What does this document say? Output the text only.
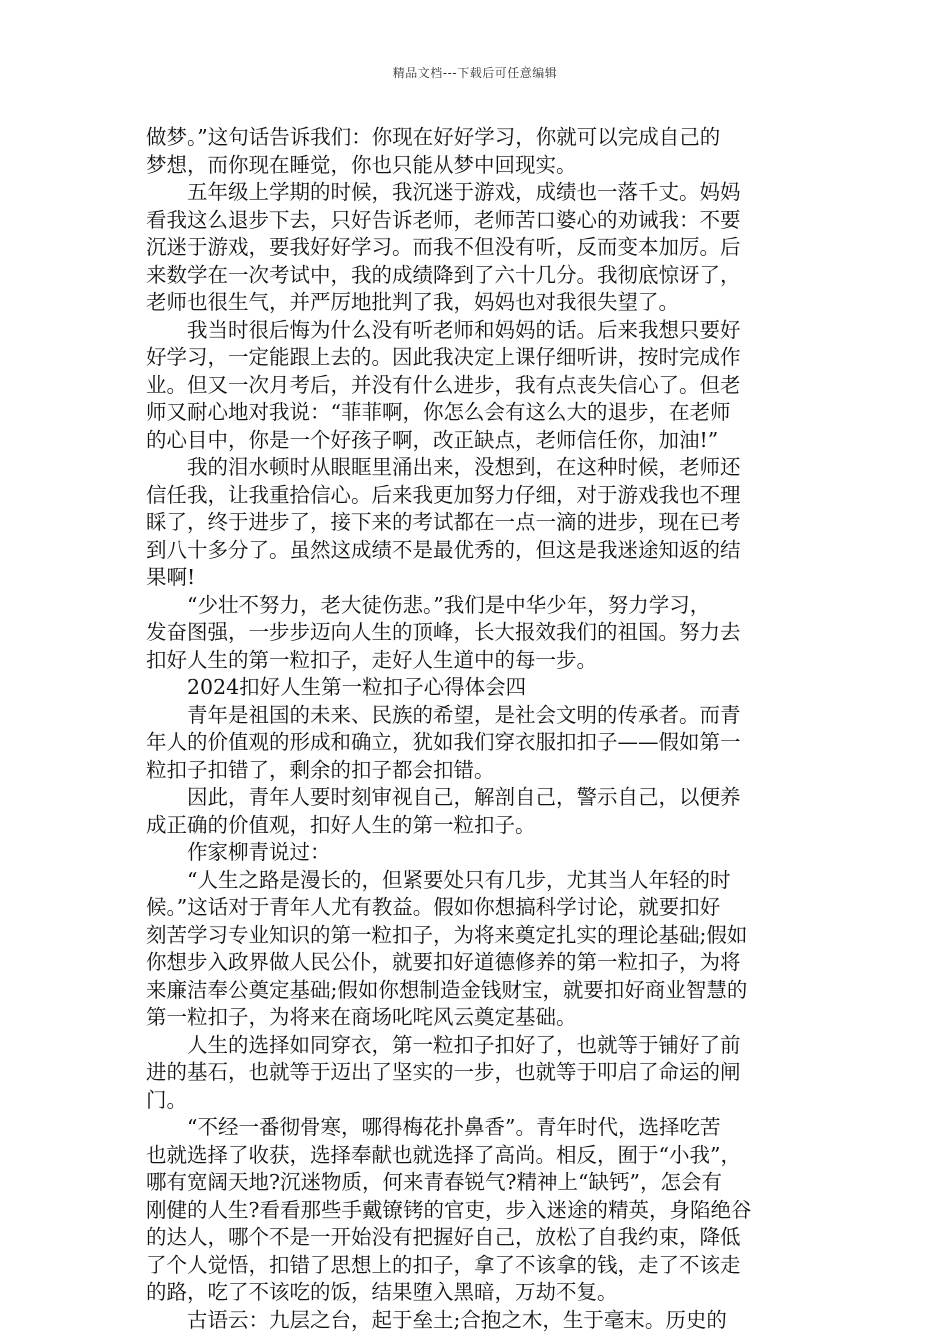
精品文档---下载后可任意编辑
做梦。”这句话告诉我们：你现在好好学习，你就可以完成自己的
梦想，而你现在睡觉，你也只能从梦中回现实。
　　五年级上学期的时候，我沉迷于游戏，成绩也一落千丈。妈妈
看我这么退步下去，只好告诉老师，老师苦口婆心的劝诫我：不要
沉迷于游戏，要我好好学习。而我不但没有听，反而变本加厉。后
来数学在一次考试中，我的成绩降到了六十几分。我彻底惊讶了，
老师也很生气，并严厉地批判了我，妈妈也对我很失望了。
　　我当时很后悔为什么没有听老师和妈妈的话。后来我想只要好
好学习，一定能跟上去的。因此我决定上课仔细听讲，按时完成作
业。但又一次月考后，并没有什么进步，我有点丧失信心了。但老
师又耐心地对我说：“菲菲啊，你怎么会有这么大的退步，在老师
的心目中，你是一个好孩子啊，改正缺点，老师信任你，加油!”
　　我的泪水顿时从眼眶里涌出来，没想到，在这种时候，老师还
信任我，让我重拾信心。后来我更加努力仔细，对于游戏我也不理
睬了，终于进步了，接下来的考试都在一点一滴的进步，现在已考
到八十多分了。虽然这成绩不是最优秀的，但这是我迷途知返的结
果啊!
　　“少壮不努力，老大徒伤悲。”我们是中华少年，努力学习，
发奋图强，一步步迈向人生的顶峰，长大报效我们的祖国。努力去
扣好人生的第一粒扣子，走好人生道中的每一步。
　　2024扣好人生第一粒扣子心得体会四
　　青年是祖国的未来、民族的希望，是社会文明的传承者。而青
年人的价值观的形成和确立，犹如我们穿衣服扣扣子——假如第一
粒扣子扣错了，剩余的扣子都会扣错。
　　因此，青年人要时刻审视自己，解剖自己，警示自己，以便养
成正确的价值观，扣好人生的第一粒扣子。
　　作家柳青说过：
　　“人生之路是漫长的，但紧要处只有几步，尤其当人年轻的时
候。”这话对于青年人尤有教益。假如你想搞科学讨论，就要扣好
刻苦学习专业知识的第一粒扣子，为将来奠定扎实的理论基础;假如
你想步入政界做人民公仆，就要扣好道德修养的第一粒扣子，为将
来廉洁奉公奠定基础;假如你想制造金钱财宝，就要扣好商业智慧的
第一粒扣子，为将来在商场叱咤风云奠定基础。
　　人生的选择如同穿衣，第一粒扣子扣好了，也就等于铺好了前
进的基石，也就等于迈出了坚实的一步，也就等于叩启了命运的闸
门。
　　“不经一番彻骨寒，哪得梅花扑鼻香”。青年时代，选择吃苦
也就选择了收获，选择奉献也就选择了高尚。相反，囿于“小我”，
哪有宽阔天地?沉迷物质，何来青春锐气?精神上“缺钙”，怎会有
刚健的人生?看看那些手戴镣铐的官吏，步入迷途的精英，身陷绝谷
的达人，哪个不是一开始没有把握好自己，放松了自我约束，降低
了个人觉悟，扣错了思想上的扣子，拿了不该拿的钱，走了不该走
的路，吃了不该吃的饭，结果堕入黑暗，万劫不复。
　　古语云：九层之台，起于垒土;合抱之木，生于毫末。历史的
